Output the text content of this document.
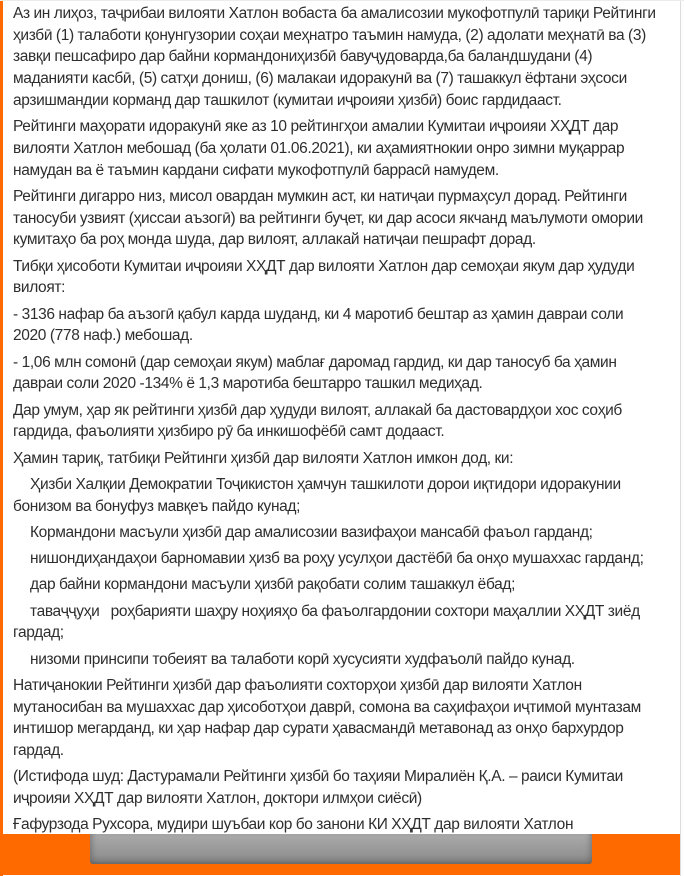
Аз ин лиҳоз, таҷрибаи вилояти Хатлон вобаста ба амалисозии мукофотпулӣ тариқи Рейтинги ҳизбӣ (1) талаботи қонунгузории соҳаи меҳнатро таъмин намуда, (2) адолати меҳнатӣ ва (3) завқи пешсафиро дар байни кормандониҳизбӣ бавуҷудоварда,ба баландшудани (4) маданияти касбӣ, (5) сатҳи дониш, (6) малакаи идоракунӣ ва (7) ташаккул ёфтани эҳсоси арзишмандии корманд дар ташкилот (кумитаи иҷроияи ҳизбӣ) боис гардидааст.

Рейтинги маҳорати идоракунӣ яке аз 10 рейтингҳои амалии Кумитаи иҷроияи ХҲДТ дар вилояти Хатлон мебошад (ба ҳолати 01.06.2021), ки аҳамиятнокии онро зимни муқаррар намудан ва ё таъмин кардани сифати мукофотпулӣ баррасӣ намудем.

Рейтинги дигарро низ, мисол овардан мумкин аст, ки натиҷаи пурмаҳсул дорад. Рейтинги таносуби узвият (ҳиссаи аъзогӣ) ва рейтинги буҷет, ки дар асоси якчанд маълумоти омории кумитаҳо ба роҳ монда шуда, дар вилоят, аллакай натиҷаи пешрафт дорад.

Тибқи ҳисоботи Кумитаи иҷроияи ХҲДТ дар вилояти Хатлон дар семоҳаи якум дар ҳудуди вилоят:

- 3136 нафар ба аъзогӣ қабул карда шуданд, ки 4 маротиб бештар аз ҳамин давраи соли 2020 (778 наф.) мебошад.

- 1,06 млн сомонӣ (дар семоҳаи якум) маблағ даромад гардид, ки дар таносуб ба ҳамин давраи соли 2020 -134% ё 1,3 маротиба бештарро ташкил медиҳад.

Дар умум, ҳар як рейтинги ҳизбӣ дар ҳудуди вилоят, аллакай ба дастовардҳои хос соҳиб гардида, фаъолияти ҳизбиро рӯ ба инкишофёбӣ самт додааст.

Ҳамин тариқ, татбиқи Рейтинги ҳизбӣ дар вилояти Хатлон имкон дод, ки:

Ҳизби Халқии Демократии Тоҷикистон ҳамчун ташкилоти дорои иқтидори идоракунии бонизом ва бонуфуз мавқеъ пайдо кунад;

Кормандони масъули ҳизбӣ дар амалисозии вазифаҳои мансабӣ фаъол гарданд;

нишондиҳандаҳои барномавии ҳизб ва роҳу усулҳои дастёбӣ ба онҳо мушаххас гарданд;

дар байни кормандони масъули ҳизбӣ рақобати солим ташаккул ёбад;

таваҷҷуҳи   роҳбарияти шаҳру ноҳияҳо ба фаъолгардонии сохтори маҳаллии ХҲДТ зиёд гардад;

низоми принсипи тобеият ва талаботи корӣ хусусияти худфаъолӣ пайдо кунад.

Натиҷанокии Рейтинги ҳизбӣ дар фаъолияти сохторҳои ҳизбӣ дар вилояти Хатлон мутаносибан ва мушаххас дар ҳисоботҳои даврӣ, сомона ва саҳифаҳои иҷтимоӣ мунтазам интишор мегарданд, ки ҳар нафар дар сурати ҳавасмандӣ метавонад аз онҳо бархурдор гардад.

(Истифода шуд: Дастурамали Рейтинги ҳизбӣ бо таҳияи Миралиён Қ.А. – раиси Кумитаи иҷроияи ХҲДТ дар вилояти Хатлон, доктори илмҳои сиёсӣ)

Ғафурзода Рухсора, мудири шуъбаи кор бо занони КИ ХҲДТ дар вилояти Хатлон
